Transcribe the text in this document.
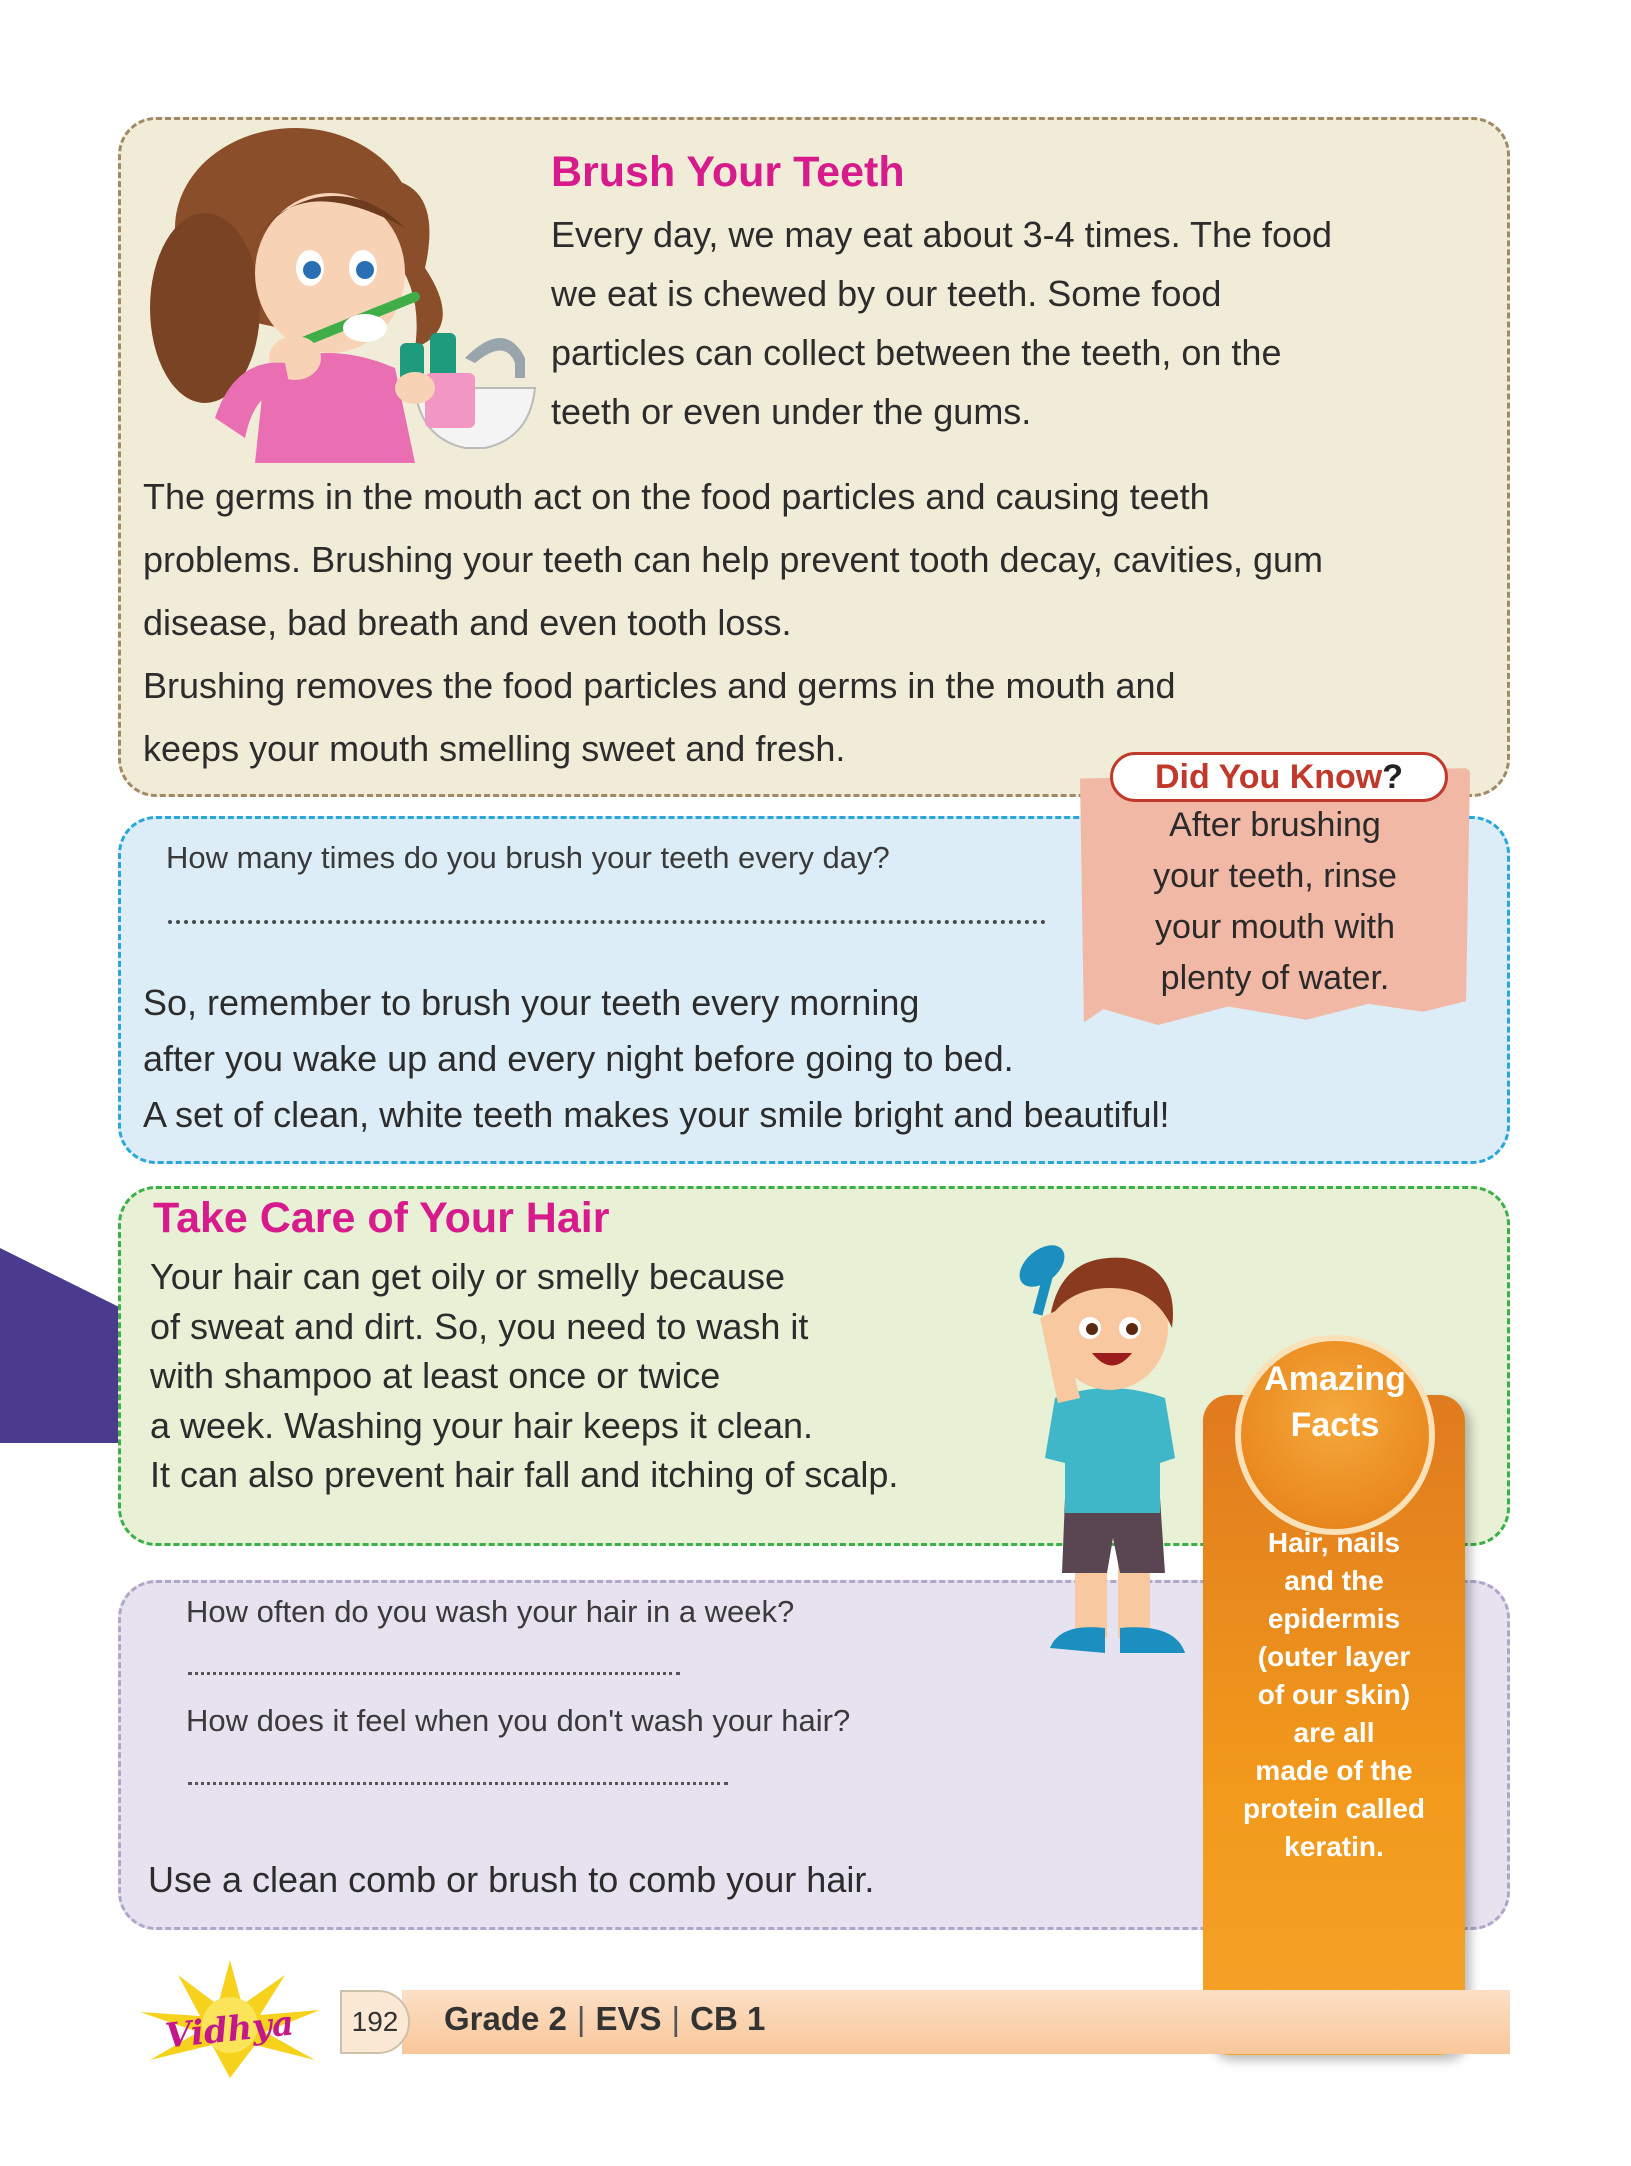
Brush Your Teeth
Every day, we may eat about 3-4 times. The food
we eat is chewed by our teeth. Some food
particles can collect between the teeth, on the
teeth or even under the gums.
The germs in the mouth act on the food particles and causing teeth
problems. Brushing your teeth can help prevent tooth decay, cavities, gum
disease, bad breath and even tooth loss.
Brushing removes the food particles and germs in the mouth and
keeps your mouth smelling sweet and fresh.
How many times do you brush your teeth every day?
So, remember to brush your teeth every morning
after you wake up and every night before going to bed.
A set of clean, white teeth makes your smile bright and beautiful!
Did You Know?
After brushing
your teeth, rinse
your mouth with
plenty of water.
Take Care of Your Hair
Your hair can get oily or smelly because
of sweat and dirt. So, you need to wash it
with shampoo at least once or twice
a week. Washing your hair keeps it clean.
It can also prevent hair fall and itching of scalp.
How often do you wash your hair in a week?
How does it feel when you don't wash your hair?
Use a clean comb or brush to comb your hair.
Amazing
Facts
Hair, nails
and the
epidermis
(outer layer
of our skin)
are all
made of the
protein called
keratin.
Vidhya	192	Grade 2 | EVS | CB 1
